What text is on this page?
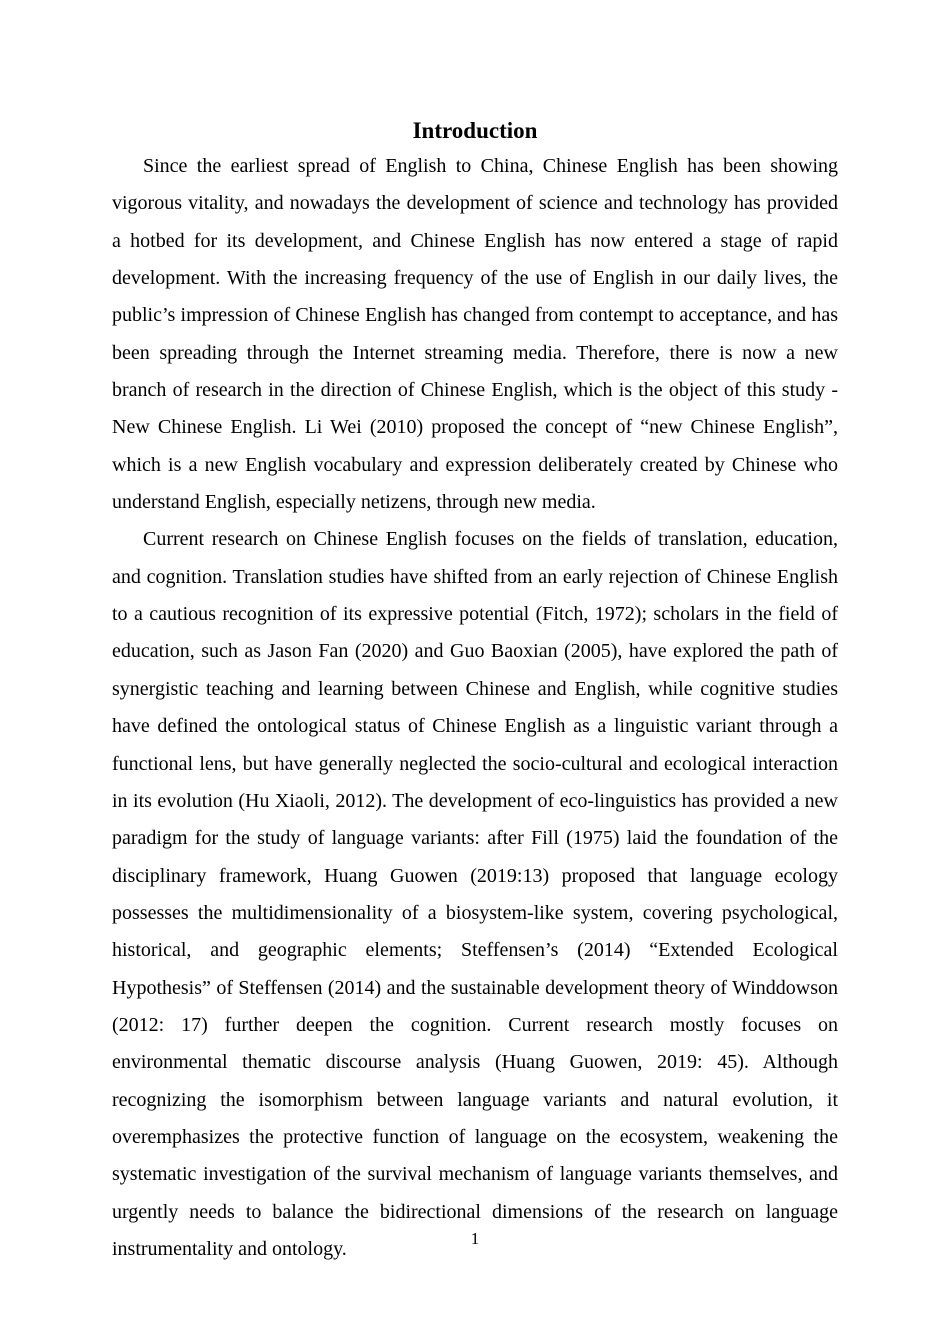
Introduction

Since the earliest spread of English to China, Chinese English has been showing vigorous vitality, and nowadays the development of science and technology has provided a hotbed for its development, and Chinese English has now entered a stage of rapid development. With the increasing frequency of the use of English in our daily lives, the public’s impression of Chinese English has changed from contempt to acceptance, and has been spreading through the Internet streaming media. Therefore, there is now a new branch of research in the direction of Chinese English, which is the object of this study - New Chinese English. Li Wei (2010) proposed the concept of “new Chinese English”, which is a new English vocabulary and expression deliberately created by Chinese who understand English, especially netizens, through new media.

Current research on Chinese English focuses on the fields of translation, education, and cognition. Translation studies have shifted from an early rejection of Chinese English to a cautious recognition of its expressive potential (Fitch, 1972); scholars in the field of education, such as Jason Fan (2020) and Guo Baoxian (2005), have explored the path of synergistic teaching and learning between Chinese and English, while cognitive studies have defined the ontological status of Chinese English as a linguistic variant through a functional lens, but have generally neglected the socio-cultural and ecological interaction in its evolution (Hu Xiaoli, 2012). The development of eco-linguistics has provided a new paradigm for the study of language variants: after Fill (1975) laid the foundation of the disciplinary framework, Huang Guowen (2019:13) proposed that language ecology possesses the multidimensionality of a biosystem-like system, covering psychological, historical, and geographic elements; Steffensen’s (2014) “Extended Ecological Hypothesis” of Steffensen (2014) and the sustainable development theory of Winddowson (2012: 17) further deepen the cognition. Current research mostly focuses on environmental thematic discourse analysis (Huang Guowen, 2019: 45). Although recognizing the isomorphism between language variants and natural evolution, it overemphasizes the protective function of language on the ecosystem, weakening the systematic investigation of the survival mechanism of language variants themselves, and urgently needs to balance the bidirectional dimensions of the research on language instrumentality and ontology.	1
